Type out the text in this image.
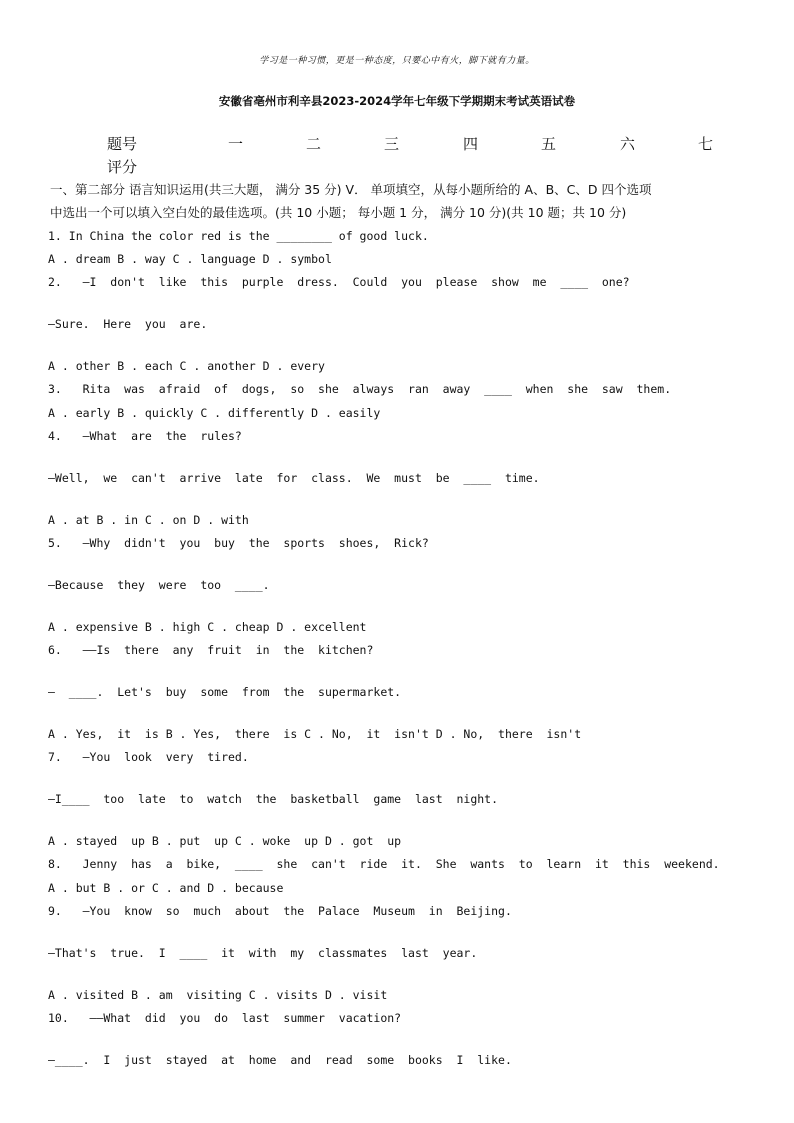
学习是一种习惯，更是一种态度，只要心中有火，脚下就有力量。
安徽省亳州市利辛县2023-2024学年七年级下学期期末考试英语试卷
题号	一	二	三	四	五	六	七
评分
一、第二部分 语言知识运用(共三大题， 满分 35 分) V． 单项填空，从每小题所给的 A、B、C、D 四个选项
中选出一个可以填入空白处的最佳选项。(共 10 小题； 每小题 1 分， 满分 10 分)(共 10 题；共 10 分)
1. In China the color red is the ________ of good luck.
A . dream B . way C . language D . symbol
2.   —I  don't  like  this  purple  dress.  Could  you  please  show  me  ____  one?
—Sure.  Here  you  are.
A . other B . each C . another D . every
3.   Rita  was  afraid  of  dogs,  so  she  always  ran  away  ____  when  she  saw  them.
A . early B . quickly C . differently D . easily
4.   —What  are  the  rules?
—Well,  we  can't  arrive  late  for  class.  We  must  be  ____  time.
A . at B . in C . on D . with
5.   —Why  didn't  you  buy  the  sports  shoes,  Rick?
—Because  they  were  too  ____.
A . expensive B . high C . cheap D . excellent
6.   ——Is  there  any  fruit  in  the  kitchen?
—  ____.  Let's  buy  some  from  the  supermarket.
A . Yes,  it  is B . Yes,  there  is C . No,  it  isn't D . No,  there  isn't
7.   —You  look  very  tired.
—I____  too  late  to  watch  the  basketball  game  last  night.
A . stayed  up B . put  up C . woke  up D . got  up
8.   Jenny  has  a  bike,  ____  she  can't  ride  it.  She  wants  to  learn  it  this  weekend.
A . but B . or C . and D . because
9.   —You  know  so  much  about  the  Palace  Museum  in  Beijing.
—That's  true.  I  ____  it  with  my  classmates  last  year.
A . visited B . am  visiting C . visits D . visit
10.   ——What  did  you  do  last  summer  vacation?
—____.  I  just  stayed  at  home  and  read  some  books  I  like.
